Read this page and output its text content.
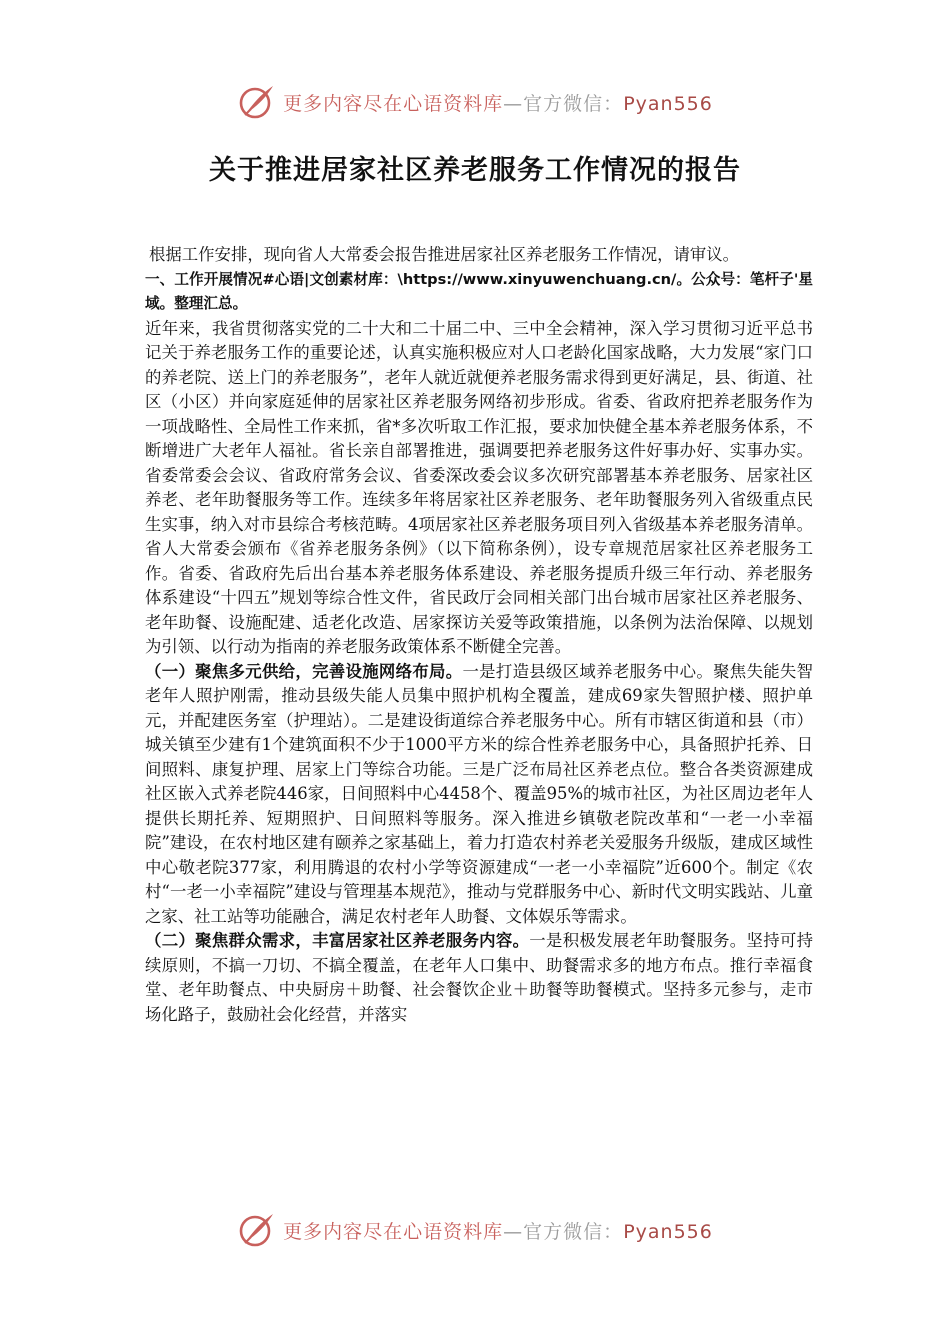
更多内容尽在心语资料库—官方微信：Pyan556
关于推进居家社区养老服务工作情况的报告

根据工作安排，现向省人大常委会报告推进居家社区养老服务工作情况，请审议。

一、工作开展情况#心语|文创素材库：\https://www.xinyuwenchuang.cn/。公众号：笔杆子'星域。整理汇总。

近年来，我省贯彻落实党的二十大和二十届二中、三中全会精神，深入学习贯彻习近平总书记关于养老服务工作的重要论述，认真实施积极应对人口老龄化国家战略，大力发展“家门口的养老院、送上门的养老服务”，老年人就近就便养老服务需求得到更好满足，县、街道、社区（小区）并向家庭延伸的居家社区养老服务网络初步形成。省委、省政府把养老服务作为一项战略性、全局性工作来抓，省*多次听取工作汇报，要求加快健全基本养老服务体系，不断增进广大老年人福祉。省长亲自部署推进，强调要把养老服务这件好事办好、实事办实。省委常委会会议、省政府常务会议、省委深改委会议多次研究部署基本养老服务、居家社区养老、老年助餐服务等工作。连续多年将居家社区养老服务、老年助餐服务列入省级重点民生实事，纳入对市县综合考核范畴。4项居家社区养老服务项目列入省级基本养老服务清单。省人大常委会颁布《省养老服务条例》（以下简称条例），设专章规范居家社区养老服务工作。省委、省政府先后出台基本养老服务体系建设、养老服务提质升级三年行动、养老服务体系建设“十四五”规划等综合性文件，省民政厅会同相关部门出台城市居家社区养老服务、老年助餐、设施配建、适老化改造、居家探访关爱等政策措施，以条例为法治保障、以规划为引领、以行动为指南的养老服务政策体系不断健全完善。

（一）聚焦多元供给，完善设施网络布局。一是打造县级区域养老服务中心。聚焦失能失智老年人照护刚需，推动县级失能人员集中照护机构全覆盖，建成69家失智照护楼、照护单元，并配建医务室（护理站）。二是建设街道综合养老服务中心。所有市辖区街道和县（市）城关镇至少建有1个建筑面积不少于1000平方米的综合性养老服务中心，具备照护托养、日间照料、康复护理、居家上门等综合功能。三是广泛布局社区养老点位。整合各类资源建成社区嵌入式养老院446家，日间照料中心4458个、覆盖95%的城市社区，为社区周边老年人提供长期托养、短期照护、日间照料等服务。深入推进乡镇敬老院改革和“一老一小幸福院”建设，在农村地区建有颐养之家基础上，着力打造农村养老关爱服务升级版，建成区域性中心敬老院377家，利用腾退的农村小学等资源建成“一老一小幸福院”近600个。制定《农村“一老一小幸福院”建设与管理基本规范》，推动与党群服务中心、新时代文明实践站、儿童之家、社工站等功能融合，满足农村老年人助餐、文体娱乐等需求。

（二）聚焦群众需求，丰富居家社区养老服务内容。一是积极发展老年助餐服务。坚持可持续原则，不搞一刀切、不搞全覆盖，在老年人口集中、助餐需求多的地方布点。推行幸福食堂、老年助餐点、中央厨房＋助餐、社会餐饮企业＋助餐等助餐模式。坚持多元参与，走市场化路子，鼓励社会化经营，并落实

更多内容尽在心语资料库—官方微信：Pyan556
